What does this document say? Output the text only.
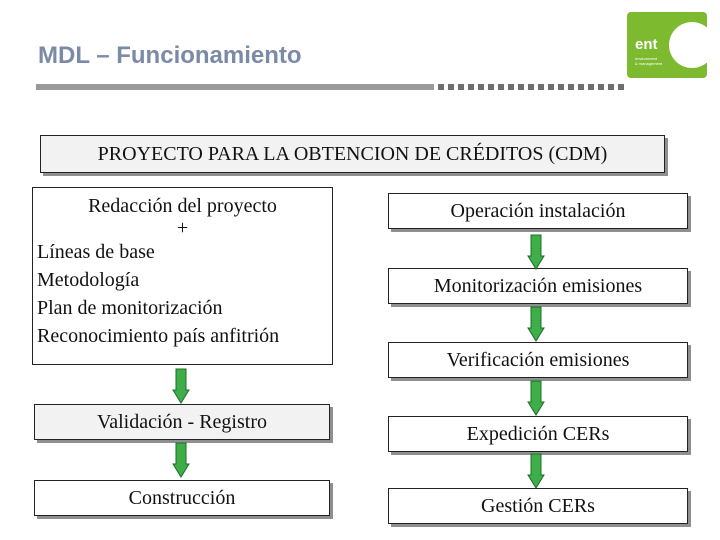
MDL – Funcionamiento	ent
environment
& management
PROYECTO PARA LA OBTENCION DE CRÉDITOS (CDM)
Redacción del proyecto
+
Líneas de base
Metodología
Plan de monitorización
Reconocimiento país anfitrión
Validación - Registro
Construcción
Operación instalación
Monitorización emisiones
Verificación emisiones
Expedición CERs
Gestión CERs
